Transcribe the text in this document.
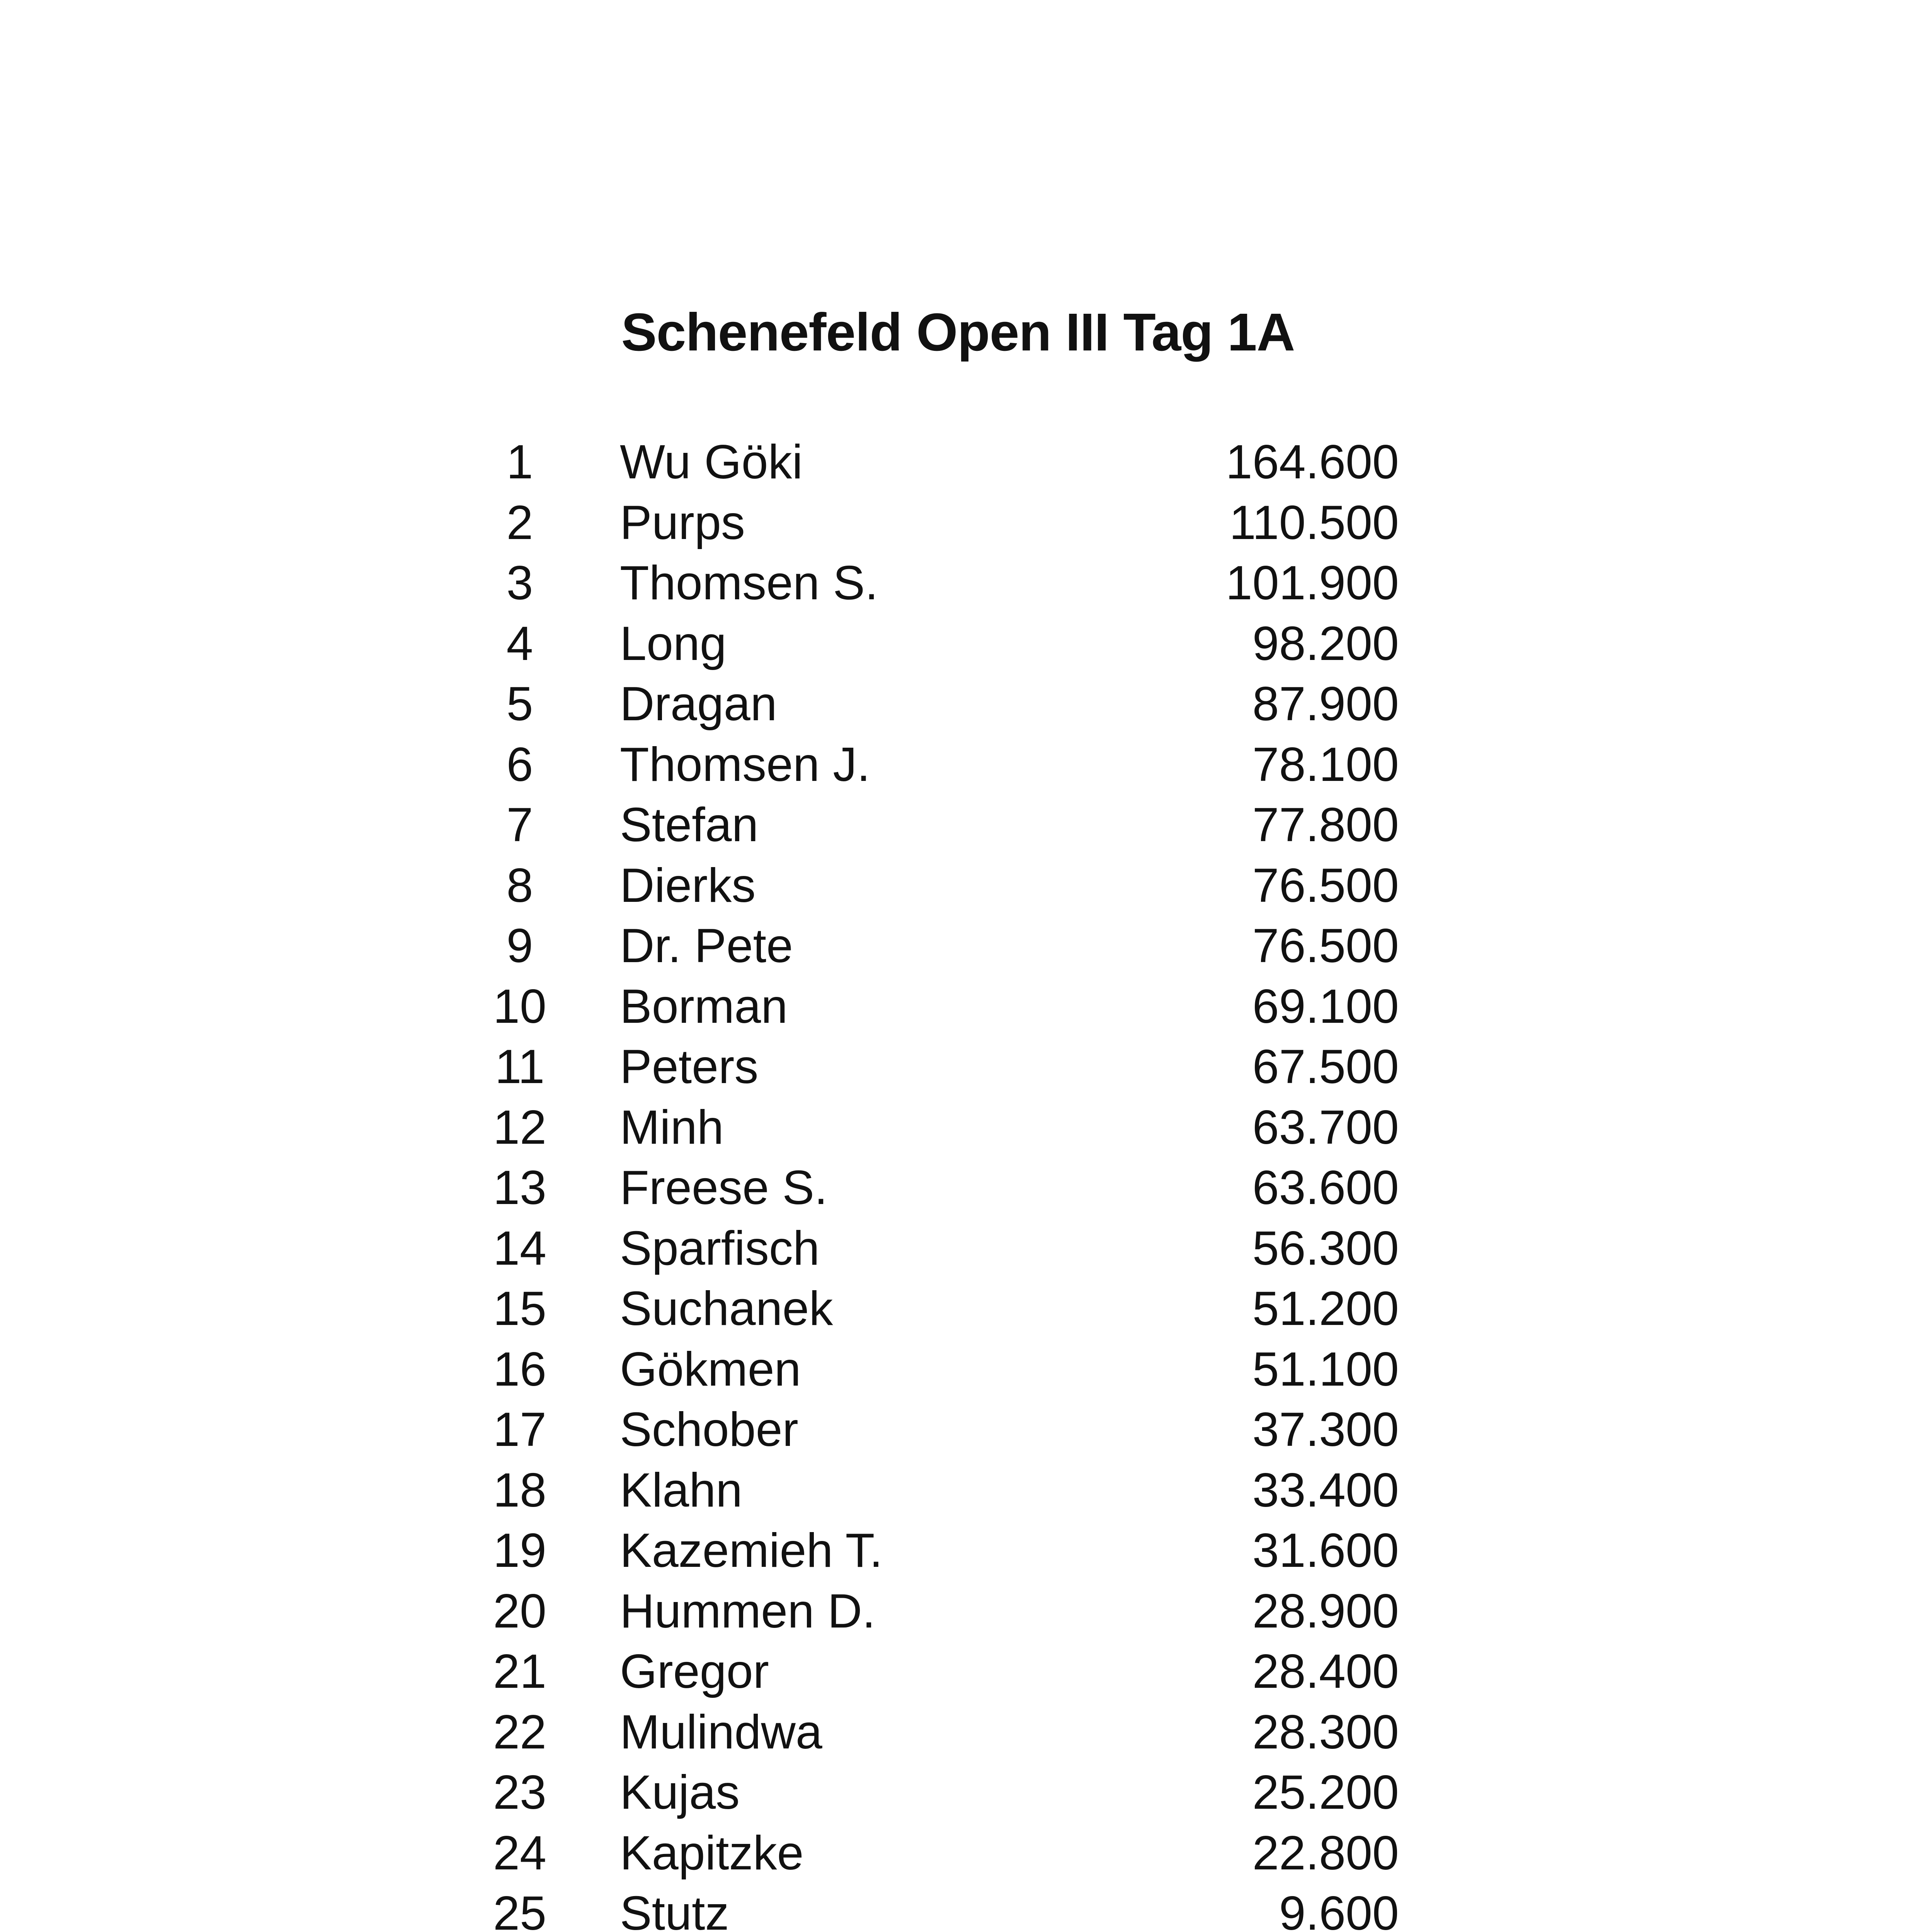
Schenefeld Open III Tag 1A
1	Wu Göki	164.600
2	Purps	110.500
3	Thomsen S.	101.900
4	Long	98.200
5	Dragan	87.900
6	Thomsen J.	78.100
7	Stefan	77.800
8	Dierks	76.500
9	Dr. Pete	76.500
10 Borman	69.100
11	Peters	67.500
12 Minh	63.700
13 Freese S.	63.600
14 Sparfisch	56.300
15 Suchanek	51.200
16 Gökmen	51.100
17 Schober	37.300
18 Klahn	33.400
19 Kazemieh T.	31.600
20 Hummen D.	28.900
21 Gregor	28.400
22 Mulindwa	28.300
23 Kujas	25.200
24 Kapitzke	22.800
25 Stutz	9.600
